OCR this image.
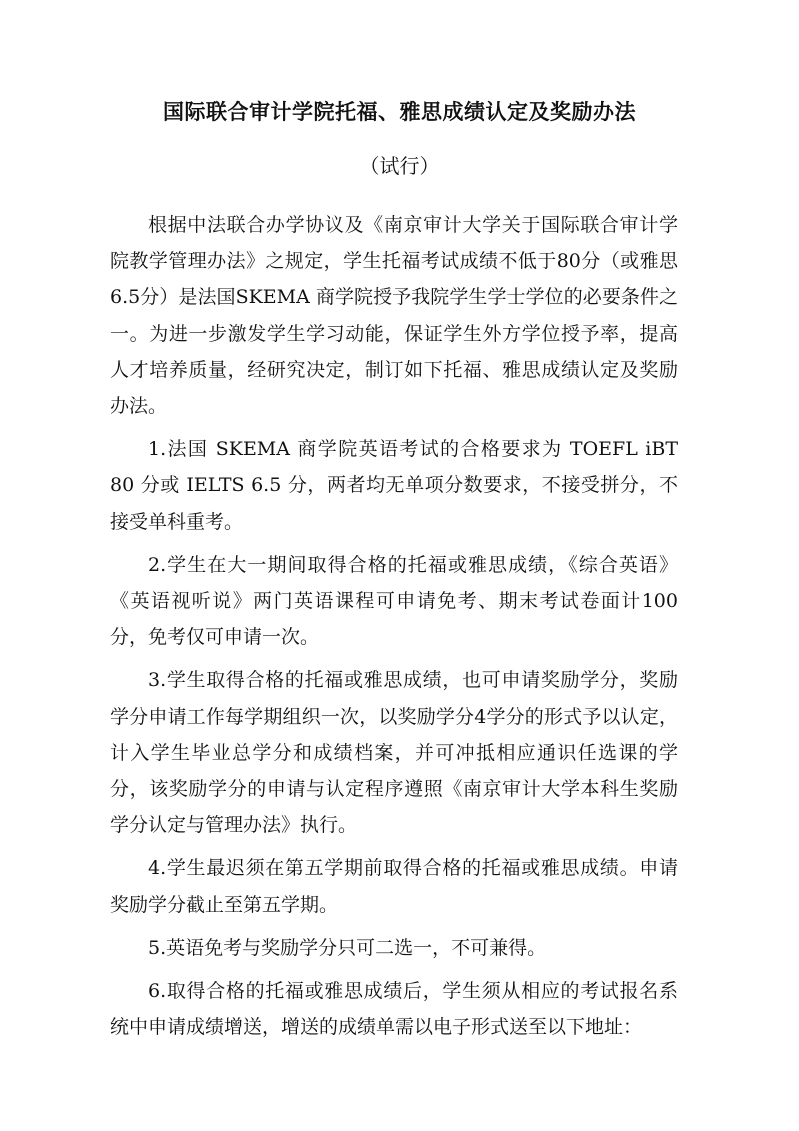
国际联合审计学院托福、雅思成绩认定及奖励办法
（试行）

根据中法联合办学协议及《南京审计大学关于国际联合审计学院教学管理办法》之规定，学生托福考试成绩不低于80分（或雅思6.5分）是法国SKEMA 商学院授予我院学生学士学位的必要条件之一。为进一步激发学生学习动能，保证学生外方学位授予率，提高人才培养质量，经研究决定，制订如下托福、雅思成绩认定及奖励办法。

1.法国 SKEMA 商学院英语考试的合格要求为 TOEFL iBT 80 分或 IELTS 6.5 分，两者均无单项分数要求，不接受拼分，不接受单科重考。

2.学生在大一期间取得合格的托福或雅思成绩，《综合英语》《英语视听说》两门英语课程可申请免考、期末考试卷面计100分，免考仅可申请一次。

3.学生取得合格的托福或雅思成绩，也可申请奖励学分，奖励学分申请工作每学期组织一次，以奖励学分4学分的形式予以认定，计入学生毕业总学分和成绩档案，并可冲抵相应通识任选课的学分，该奖励学分的申请与认定程序遵照《南京审计大学本科生奖励学分认定与管理办法》执行。

4.学生最迟须在第五学期前取得合格的托福或雅思成绩。申请奖励学分截止至第五学期。

5.英语免考与奖励学分只可二选一，不可兼得。

6.取得合格的托福或雅思成绩后，学生须从相应的考试报名系统中申请成绩增送，增送的成绩单需以电子形式送至以下地址：
